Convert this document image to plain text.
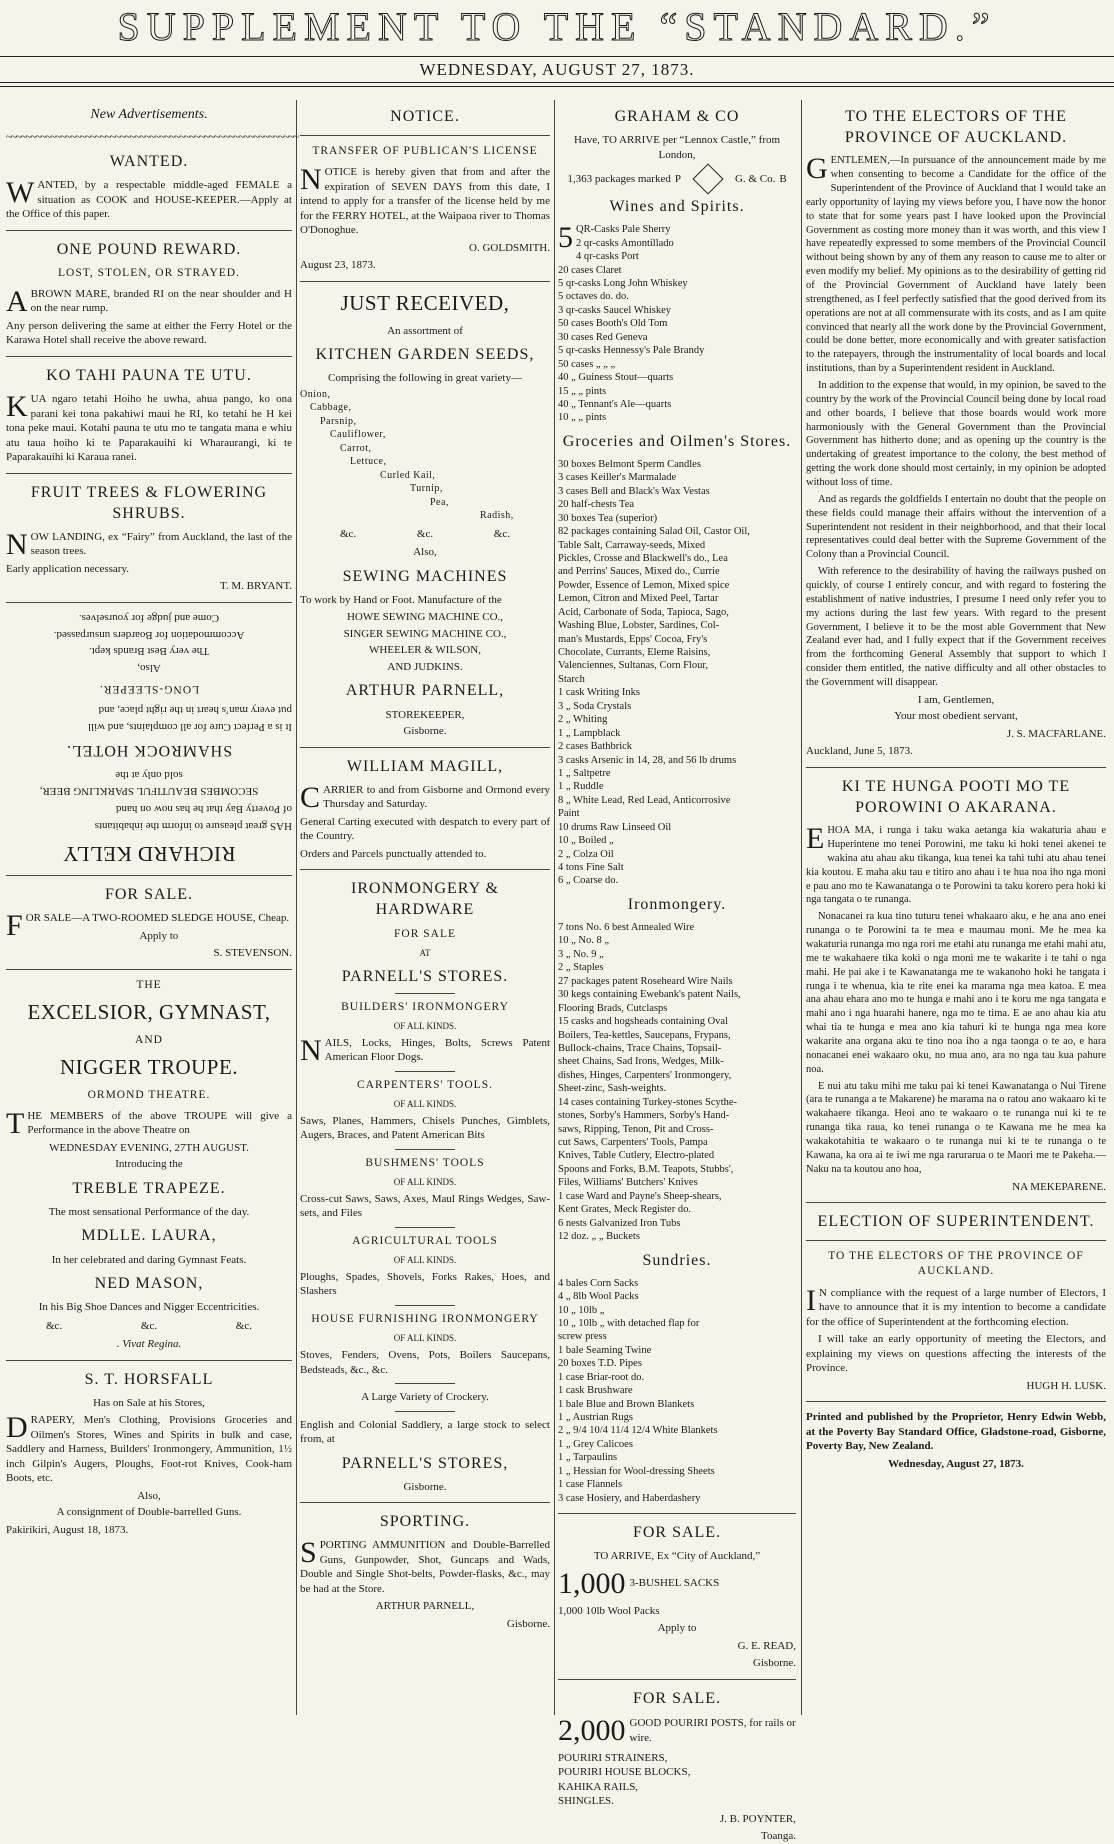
SUPPLEMENT TO THE “STANDARD.”
WEDNESDAY, AUGUST 27, 1873.
New Advertisements.
~~~~~~~~~~~~~~~~~~~~~~~~~~~~~~~~~~~~~~~~~~~~~~~~~~~~~~~~~~~
WANTED.
WANTED, by a respectable middle-aged FEMALE a situation as COOK and HOUSE-KEEPER.—Apply at the Office of this paper.
ONE POUND REWARD.
LOST, STOLEN, OR STRAYED.
ABROWN MARE, branded RI on the near shoulder and H on the near rump.
Any person delivering the same at either the Ferry Hotel or the Karawa Hotel shall receive the above reward.
KO TAHI PAUNA TE UTU.
KUA ngaro tetahi Hoiho he uwha, ahua pango, ko ona parani kei tona pakahiwi maui he RI, ko tetahi he H kei tona peke maui. Kotahi pauna te utu mo te tangata mana e whiu atu taua hoiho ki te Paparakauihi ki Wharaurangi, ki te Paparakauihi ki Karaua ranei.
FRUIT TREES & FLOWERING SHRUBS.
NOW LANDING, ex “Fairy” from Auckland, the last of the season trees.
Early application necessary.
T. M. BRYANT.
RICHARD KELLY
HAS great pleasure to inform the inhabitants
of Poverty Bay that he has now on hand
SECOMBES BEAUTIFUL SPARKLING BEER,
sold only at the
SHAMROCK HOTEL.
It is a Perfect Cure for all complaints, and will
put every man’s heart in the right place, and
LONG-SLEEPER.
Also,
The very Best Brands kept.
Accommodation for Boarders unsurpassed.
Come and judge for yourselves.
FOR SALE.
FOR SALE—A TWO-ROOMED SLEDGE HOUSE, Cheap.
Apply to
S. STEVENSON.
THE
EXCELSIOR, GYMNAST,
AND
NIGGER TROUPE.
ORMOND THEATRE.
THE MEMBERS of the above TROUPE will give a Performance in the above Theatre on
WEDNESDAY EVENING, 27TH AUGUST.
Introducing the
TREBLE TRAPEZE.
The most sensational Performance of the day.
MDLLE. LAURA,
In her celebrated and daring Gymnast Feats.
NED MASON,
In his Big Shoe Dances and Nigger Eccentricities.
&c.	&c.	&c.
. Vivat Regina.
S. T. HORSFALL
Has on Sale at his Stores,
DRAPERY, Men's Clothing, Provisions Groceries and Oilmen's Stores, Wines and Spirits in bulk and case, Saddlery and Harness, Builders' Ironmongery, Ammunition, 1½ inch Gilpin's Augers, Ploughs, Foot-rot Knives, Cook-ham Boots, etc.
Also,
A consignment of Double-barrelled Guns.
Pakirikiri, August 18, 1873.
NOTICE.
TRANSFER OF PUBLICAN'S LICENSE
NOTICE is hereby given that from and after the expiration of SEVEN DAYS from this date, I intend to apply for a transfer of the license held by me for the FERRY HOTEL, at the Waipaoa river to Thomas O'Donoghue.
O. GOLDSMITH.
August 23, 1873.
JUST RECEIVED,
An assortment of
KITCHEN GARDEN SEEDS,
Comprising the following in great variety—
Onion,
Cabbage,
Parsnip,
Cauliflower,
Carrot,
Lettuce,
Curled Kail,
Turnip,
Pea,
Radish,
&c.	&c.	&c.
Also,
SEWING MACHINES
To work by Hand or Foot. Manufacture of the
HOWE SEWING MACHINE CO.,
SINGER SEWING MACHINE CO.,
WHEELER & WILSON,
AND JUDKINS.
ARTHUR PARNELL,
STOREKEEPER,
Gisborne.
WILLIAM MAGILL,
CARRIER to and from Gisborne and Ormond every Thursday and Saturday.
General Carting executed with despatch to every part of the Country.
Orders and Parcels punctually attended to.
IRONMONGERY & HARDWARE
FOR SALE
AT
PARNELL'S STORES.
BUILDERS' IRONMONGERY
OF ALL KINDS.
NAILS, Locks, Hinges, Bolts, Screws Patent American Floor Dogs.
CARPENTERS' TOOLS.
OF ALL KINDS.
Saws, Planes, Hammers, Chisels Punches, Gimblets, Augers, Braces, and Patent American Bits
BUSHMENS' TOOLS
OF ALL KINDS.
Cross-cut Saws, Saws, Axes, Maul Rings Wedges, Saw-sets, and Files
AGRICULTURAL TOOLS
OF ALL KINDS.
Ploughs, Spades, Shovels, Forks Rakes, Hoes, and Slashers
HOUSE FURNISHING IRONMONGERY
OF ALL KINDS.
Stoves, Fenders, Ovens, Pots, Boilers Saucepans, Bedsteads, &c., &c.
A Large Variety of Crockery.
English and Colonial Saddlery, a large stock to select from, at
PARNELL'S STORES,
Gisborne.
SPORTING.
SPORTING AMMUNITION and Double-Barrelled Guns, Gunpowder, Shot, Guncaps and Wads, Double and Single Shot-belts, Powder-flasks, &c., may be had at the Store.
ARTHUR PARNELL,
Gisborne.
GRAHAM & CO
Have, TO ARRIVE per “Lennox Castle,” from London,
1,363 packages marked P	G. & Co. B
Wines and Spirits.
5 QR-Casks Pale Sherry
2 qr-casks Amontillado
4 qr-casks Port
20 cases Claret
5 qr-casks Long John Whiskey
5 octaves do. do.
3 qr-casks Saucel Whiskey
50 cases Booth's Old Tom
30 cases Red Geneva
5 qr-casks Hennessy's Pale Brandy
50 cases „ „ „
40 „ Guiness Stout—quarts
15 „ „ pints
40 „ Tennant's Ale—quarts
10 „ „ pints
Groceries and Oilmen's Stores.
30 boxes Belmont Sperm Candles
3 cases Keiller's Marmalade
3 cases Bell and Black's Wax Vestas
20 half-chests Tea
30 boxes Tea (superior)
82 packages containing Salad Oil, Castor Oil,
Table Salt, Carraway-seeds, Mixed
Pickles, Crosse and Blackwell's do., Lea
and Perrins' Sauces, Mixed do., Currie
Powder, Essence of Lemon, Mixed spice
Lemon, Citron and Mixed Peel, Tartar
Acid, Carbonate of Soda, Tapioca, Sago,
Washing Blue, Lobster, Sardines, Col-
man's Mustards, Epps' Cocoa, Fry's
Chocolate, Currants, Eleme Raisins,
Valenciennes, Sultanas, Corn Flour,
Starch
1 cask Writing Inks
3 „ Soda Crystals
2 „ Whiting
1 „ Lampblack
2 cases Bathbrick
3 casks Arsenic in 14, 28, and 56 lb drums
1 „ Saltpetre
1 „ Ruddle
8 „ White Lead, Red Lead, Anticorrosive
Paint
10 drums Raw Linseed Oil
10 „ Boiled „
2 „ Colza Oil
4 tons Fine Salt
6 „ Coarse do.
Ironmongery.
7 tons No. 6 best Annealed Wire
10 „ No. 8 „
3 „ No. 9 „
2 „ Staples
27 packages patent Roseheard Wire Nails
30 kegs containing Ewebank's patent Nails,
Flooring Brads, Cutclasps
15 casks and hogsheads containing Oval
Boilers, Tea-kettles, Saucepans, Frypans,
Bullock-chains, Trace Chains, Topsail-
sheet Chains, Sad Irons, Wedges, Milk-
dishes, Hinges, Carpenters' Ironmongery,
Sheet-zinc, Sash-weights.
14 cases containing Turkey-stones Scythe-
stones, Sorby's Hammers, Sorby's Hand-
saws, Ripping, Tenon, Pit and Cross-
cut Saws, Carpenters' Tools, Pampa
Knives, Table Cutlery, Electro-plated
Spoons and Forks, B.M. Teapots, Stubbs',
Files, Williams' Butchers' Knives
1 case Ward and Payne's Sheep-shears,
Kent Grates, Meck Register do.
6 nests Galvanized Iron Tubs
12 doz. „ „ Buckets
Sundries.
4 bales Corn Sacks
4 „ 8lb Wool Packs
10 „ 10lb „
10 „ 10lb „ with detached flap for
screw press
1 bale Seaming Twine
20 boxes T.D. Pipes
1 case Briar-root do.
1 cask Brushware
1 bale Blue and Brown Blankets
1 „ Austrian Rugs
2 „ 9/4 10/4 11/4 12/4 White Blankets
1 „ Grey Calicoes
1 „ Tarpaulins
1 „ Hessian for Wool-dressing Sheets
1 case Flannels
3 case Hosiery, and Haberdashery
FOR SALE.
TO ARRIVE, Ex “City of Auckland,”
1,000 3-BUSHEL SACKS
1,000 10lb Wool Packs
Apply to
G. E. READ,
Gisborne.
FOR SALE.
2,000 GOOD POURIRI POSTS, for rails or wire.
POURIRI STRAINERS,
POURIRI HOUSE BLOCKS,
KAHIKA RAILS,
SHINGLES.
J. B. POYNTER,
Toanga.
TO THE ELECTORS OF THE PROVINCE OF AUCKLAND.
GENTLEMEN,—In pursuance of the announcement made by me when consenting to become a Candidate for the office of the Superintendent of the Province of Auckland that I would take an early opportunity of laying my views before you, I have now the honor to state that for some years past I have looked upon the Provincial Government as costing more money than it was worth, and this view I have repeatedly expressed to some members of the Provincial Council without being shown by any of them any reason to cause me to alter or even modify my belief. My opinions as to the desirability of getting rid of the Provincial Government of Auckland have lately been strengthened, as I feel perfectly satisfied that the good derived from its operations are not at all commensurate with its costs, and as I am quite convinced that nearly all the work done by the Provincial Government, could be done better, more economically and with greater satisfaction to the ratepayers, through the instrumentality of local boards and local institutions, than by a Superintendent resident in Auckland.
In addition to the expense that would, in my opinion, be saved to the country by the work of the Provincial Council being done by local road and other boards, I believe that those boards would work more harmoniously with the General Government than the Provincial Government has hitherto done; and as opening up the country is the undertaking of greatest importance to the colony, the best method of getting the work done should most certainly, in my opinion be adopted without loss of time.
And as regards the goldfields I entertain no doubt that the people on these fields could manage their affairs without the intervention of a Superintendent not resident in their neighborhood, and that their local representatives could deal better with the Supreme Government of the Colony than a Provincial Council.
With reference to the desirability of having the railways pushed on quickly, of course I entirely concur, and with regard to fostering the establishment of native industries, I presume I need only refer you to my actions during the last few years. With regard to the present Government, I believe it to be the most able Government that New Zealand ever had, and I fully expect that if the Government receives from the forthcoming General Assembly that support to which I consider them entitled, the native difficulty and all other obstacles to the Government will disappear.
I am, Gentlemen,
Your most obedient servant,
J. S. MACFARLANE.
Auckland, June 5, 1873.
KI TE HUNGA POOTI MO TE POROWINI O AKARANA.
EHOA MA, i runga i taku waka aetanga kia wakaturia ahau e Huperintene mo tenei Porowini, me taku ki hoki tenei akenei te wakina atu ahau aku tikanga, kua tenei ka tahi tuhi atu ahau tenei kia koutou. E maha aku tau e titiro ano ahau i te hua noa iho nga moni e pau ano mo te Kawanatanga o te Porowini ta taku korero pera hoki ki nga tangata o te runanga.
Nonacanei ra kua tino tuturu tenei whakaaro aku, e he ana ano enei runanga o te Porowini ta te mea e maumau moni. Me he mea ka wakaturia runanga mo nga rori me etahi atu runanga me etahi mahi atu, me te wakahaere tika koki o nga moni me te wakarite i te tahi o nga mahi. He pai ake i te Kawanatanga me te wakanoho hoki he tangata i runga i te whenua, kia te rite enei ka marama nga mea katoa. E mea ana ahau ehara ano mo te hunga e mahi ano i te koru me nga tangata e mahi ano i nga huarahi hanere, nga mo te tima. E ae ano ahau kia atu whai tia te hunga e mea ano kia tahuri ki te hunga nga mea kore wakarite ana organa aku te tino noa iho a nga taonga o te ao, e hara nonacanei enei wakaaro oku, no mua ano, ara no nga tau kua pahure noa.
E nui atu taku mihi me taku pai ki tenei Kawanatanga o Nui Tirene (ara te runanga a te Makarene) he marama na o ratou ano wakaaro ki te wakahaere tikanga. Heoi ano te wakaaro o te runanga nui ki te te runanga tika raua, ko tenei runanga o te Kawana me he mea ka wakakotahitia te wakaaro o te runanga nui ki te te runanga o te Kawana, ka ora ai te iwi me nga rarurarua o te Maori me te Pakeha.—Naku na ta koutou ano hoa,
NA MEKEPARENE.
ELECTION OF SUPERINTENDENT.
TO THE ELECTORS OF THE PROVINCE OF AUCKLAND.
I N compliance with the request of a large number of Electors, I have to announce that it is my intention to become a candidate for the office of Superintendent at the forthcoming election.
I will take an early opportunity of meeting the Electors, and explaining my views on questions affecting the interests of the Province.
HUGH H. LUSK.
Printed and published by the Proprietor, Henry Edwin Webb, at the Poverty Bay Standard Office, Gladstone-road, Gisborne, Poverty Bay, New Zealand.
Wednesday, August 27, 1873.
